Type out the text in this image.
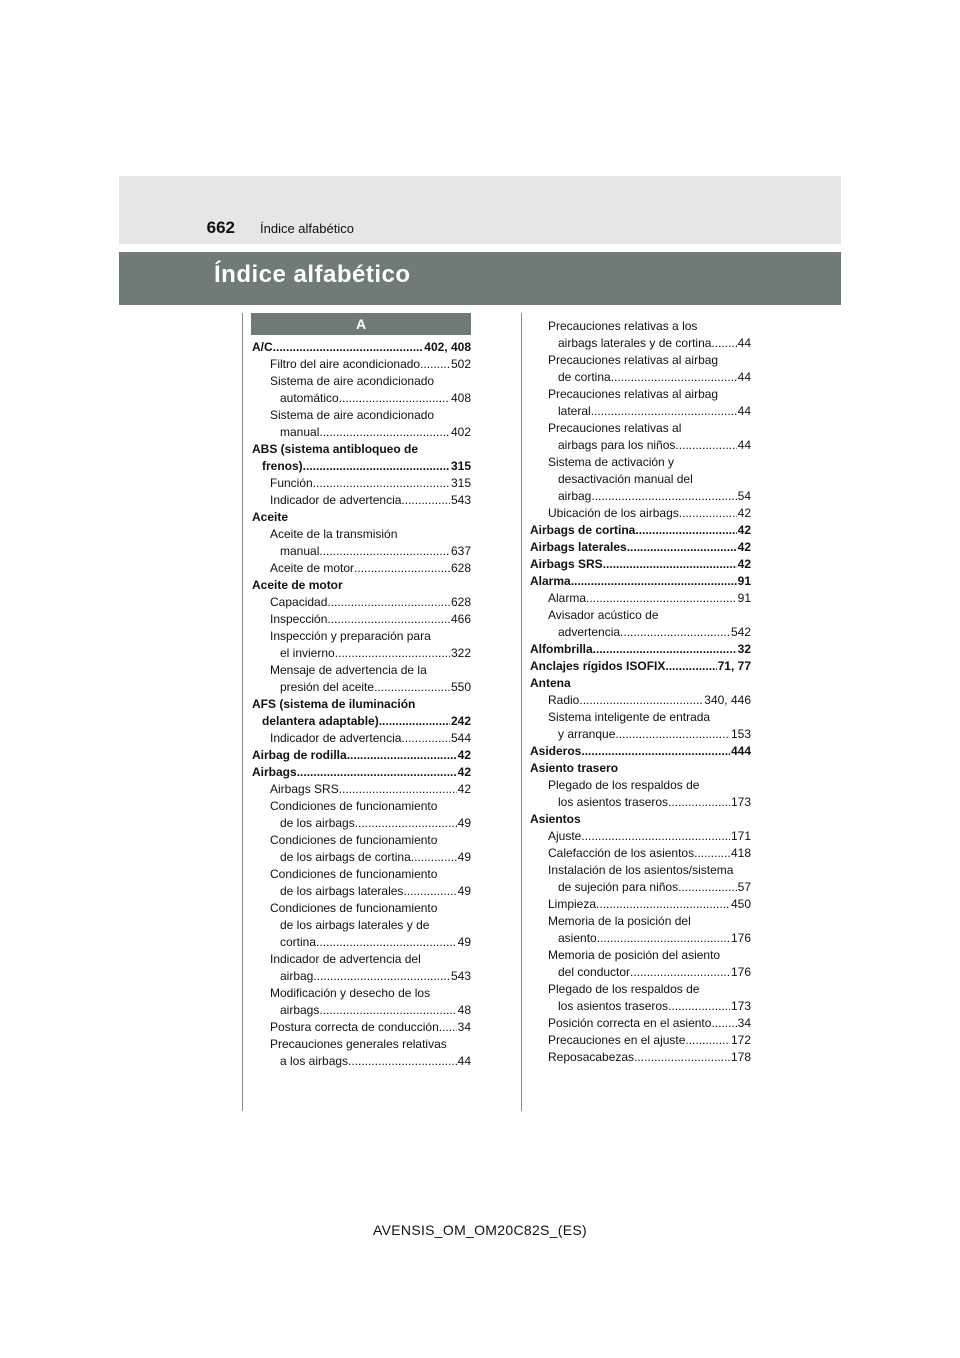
662 Índice alfabético
Índice alfabético
A
A/C .....	402, 408
Filtro del aire acondicionado .....	502
Sistema de aire acondicionado
automático .....	408
Sistema de aire acondicionado
manual .....	402
ABS (sistema antibloqueo de
frenos) .....	315
Función .....	315
Indicador de advertencia .....	543
Aceite
Aceite de la transmisión
manual .....	637
Aceite de motor .....	628
Aceite de motor
Capacidad .....	628
Inspección .....	466
Inspección y preparación para
el invierno .....	322
Mensaje de advertencia de la
presión del aceite .....	550
AFS (sistema de iluminación
delantera adaptable) .....	242
Indicador de advertencia .....	544
Airbag de rodilla .....	42
Airbags .....	42
Airbags SRS .....	42
Condiciones de funcionamiento
de los airbags .....	49
Condiciones de funcionamiento
de los airbags de cortina .....	49
Condiciones de funcionamiento
de los airbags laterales .....	49
Condiciones de funcionamiento
de los airbags laterales y de
cortina .....	49
Indicador de advertencia del
airbag .....	543
Modificación y desecho de los
airbags .....	48
Postura correcta de conducción ..... 34
Precauciones generales relativas
a los airbags .....	44
Precauciones relativas a los
airbags laterales y de cortina ..... 44
Precauciones relativas al airbag
de cortina .....	44
Precauciones relativas al airbag
lateral .....	44
Precauciones relativas al
airbags para los niños .....	44
Sistema de activación y
desactivación manual del
airbag .....	54
Ubicación de los airbags .....	42
Airbags de cortina .....	42
Airbags laterales .....	42
Airbags SRS .....	42
Alarma .....	91
Alarma .....	91
Avisador acústico de
advertencia .....	542
Alfombrilla .....	32
Anclajes rígidos ISOFIX .....	71, 77
Antena
Radio .....	340, 446
Sistema inteligente de entrada
y arranque .....	153
Asideros .....	444
Asiento trasero
Plegado de los respaldos de
los asientos traseros .....	173
Asientos
Ajuste .....	171
Calefacción de los asientos .....	418
Instalación de los asientos/sistema
de sujeción para niños .....	57
Limpieza .....	450
Memoria de la posición del
asiento .....	176
Memoria de posición del asiento
del conductor .....	176
Plegado de los respaldos de
los asientos traseros .....	173
Posición correcta en el asiento ..... 34
Precauciones en el ajuste .....	172
Reposacabezas .....	178
AVENSIS_OM_OM20C82S_(ES)
